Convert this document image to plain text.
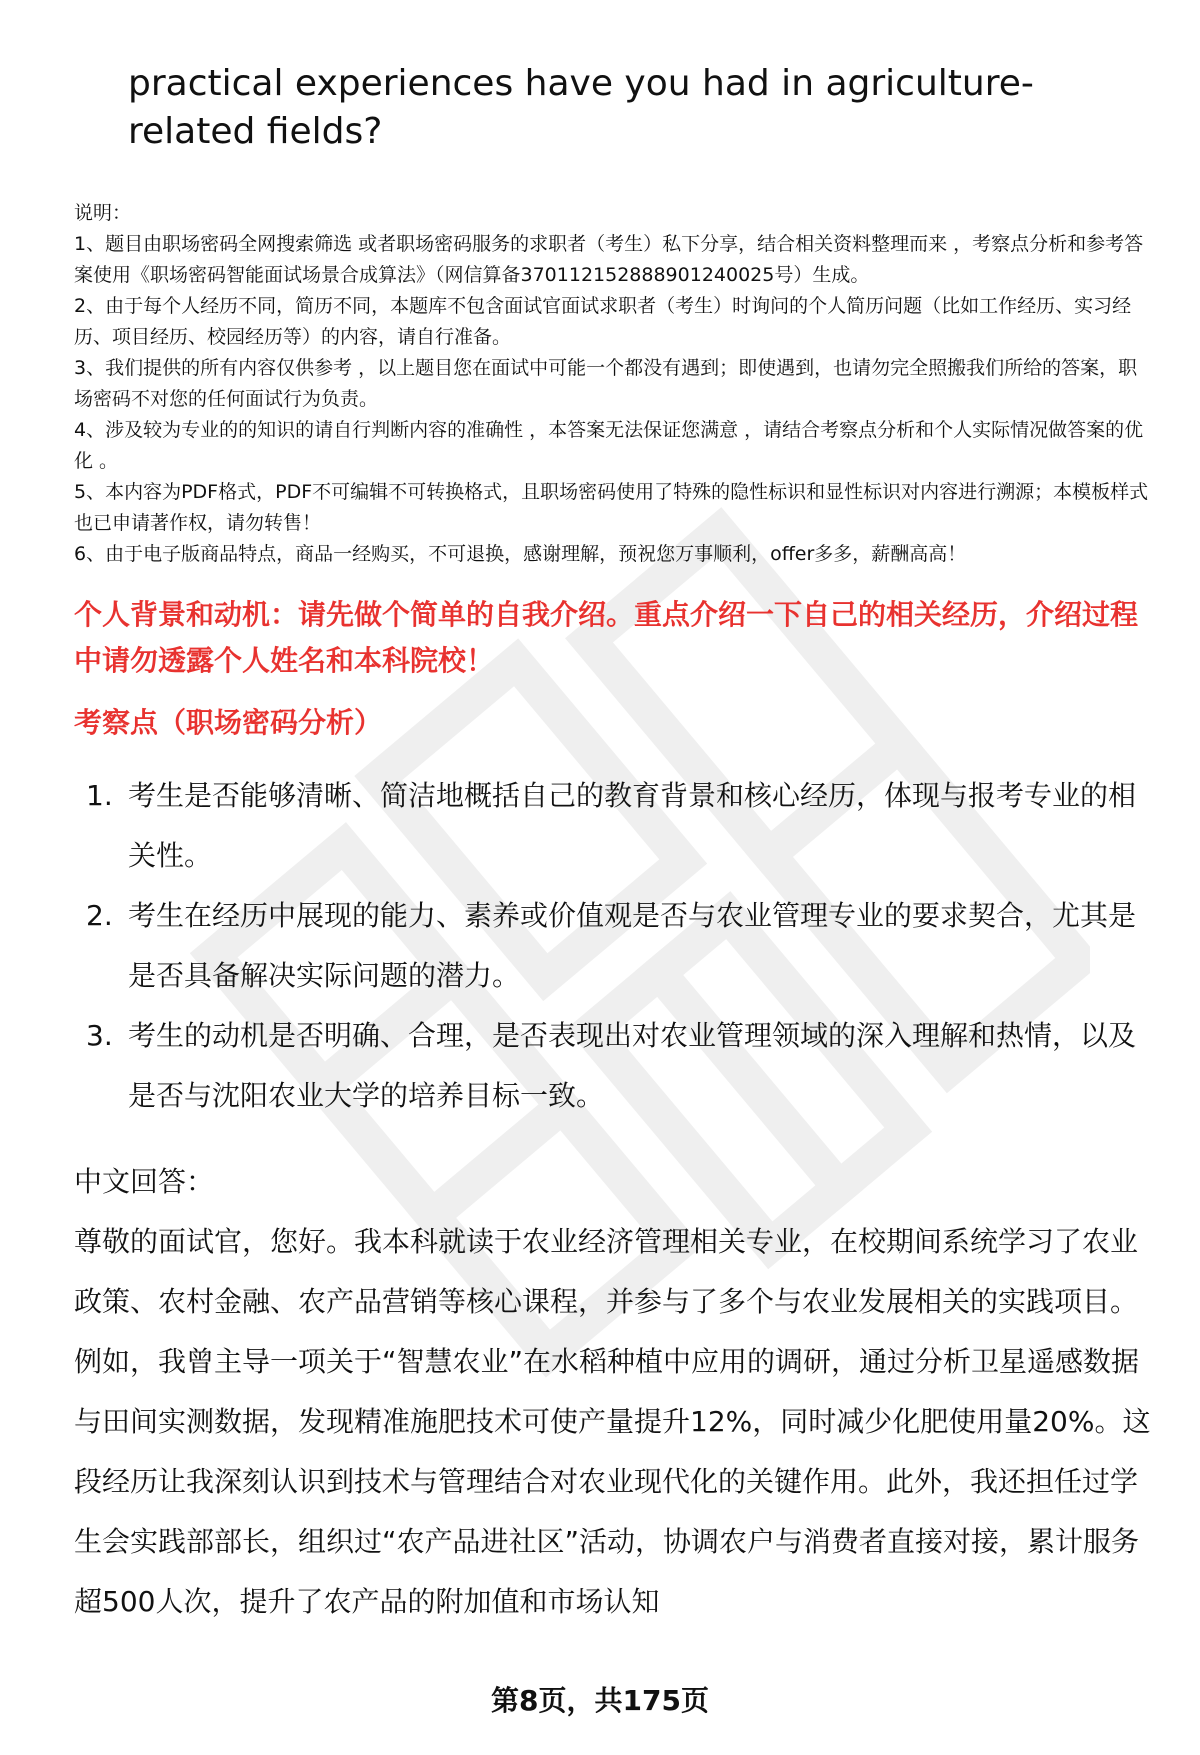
practical experiences have you had in agriculture-related fields?
说明：
1、题目由职场密码全网搜索筛选 或者职场密码服务的求职者（考生）私下分享，结合相关资料整理而来 ，考察点分析和参考答案使用《职场密码智能面试场景合成算法》（网信算备370112152888901240025号）生成。
2、由于每个人经历不同，简历不同，本题库不包含面试官面试求职者（考生）时询问的个人简历问题（比如工作经历、实习经历、项目经历、校园经历等）的内容，请自行准备。
3、我们提供的所有内容仅供参考 ，以上题目您在面试中可能一个都没有遇到；即使遇到，也请勿完全照搬我们所给的答案，职场密码不对您的任何面试行为负责。
4、涉及较为专业的的知识的请自行判断内容的准确性 ，本答案无法保证您满意 ，请结合考察点分析和个人实际情况做答案的优化 。
5、本内容为PDF格式，PDF不可编辑不可转换格式，且职场密码使用了特殊的隐性标识和显性标识对内容进行溯源；本模板样式也已申请著作权，请勿转售！
6、由于电子版商品特点，商品一经购买，不可退换，感谢理解，预祝您万事顺利，offer多多，薪酬高高！
个人背景和动机：请先做个简单的自我介绍。重点介绍一下自己的相关经历，介绍过程中请勿透露个人姓名和本科院校！
考察点（职场密码分析）
1. 考生是否能够清晰、简洁地概括自己的教育背景和核心经历，体现与报考专业的相关性。
2. 考生在经历中展现的能力、素养或价值观是否与农业管理专业的要求契合，尤其是是否具备解决实际问题的潜力。
3. 考生的动机是否明确、合理，是否表现出对农业管理领域的深入理解和热情，以及是否与沈阳农业大学的培养目标一致。
中文回答：
尊敬的面试官，您好。我本科就读于农业经济管理相关专业，在校期间系统学习了农业政策、农村金融、农产品营销等核心课程，并参与了多个与农业发展相关的实践项目。例如，我曾主导一项关于“智慧农业”在水稻种植中应用的调研，通过分析卫星遥感数据与田间实测数据，发现精准施肥技术可使产量提升12%，同时减少化肥使用量20%。这段经历让我深刻认识到技术与管理结合对农业现代化的关键作用。此外，我还担任过学生会实践部部长，组织过“农产品进社区”活动，协调农户与消费者直接对接，累计服务超500人次，提升了农产品的附加值和市场认知
第8页，共175页
